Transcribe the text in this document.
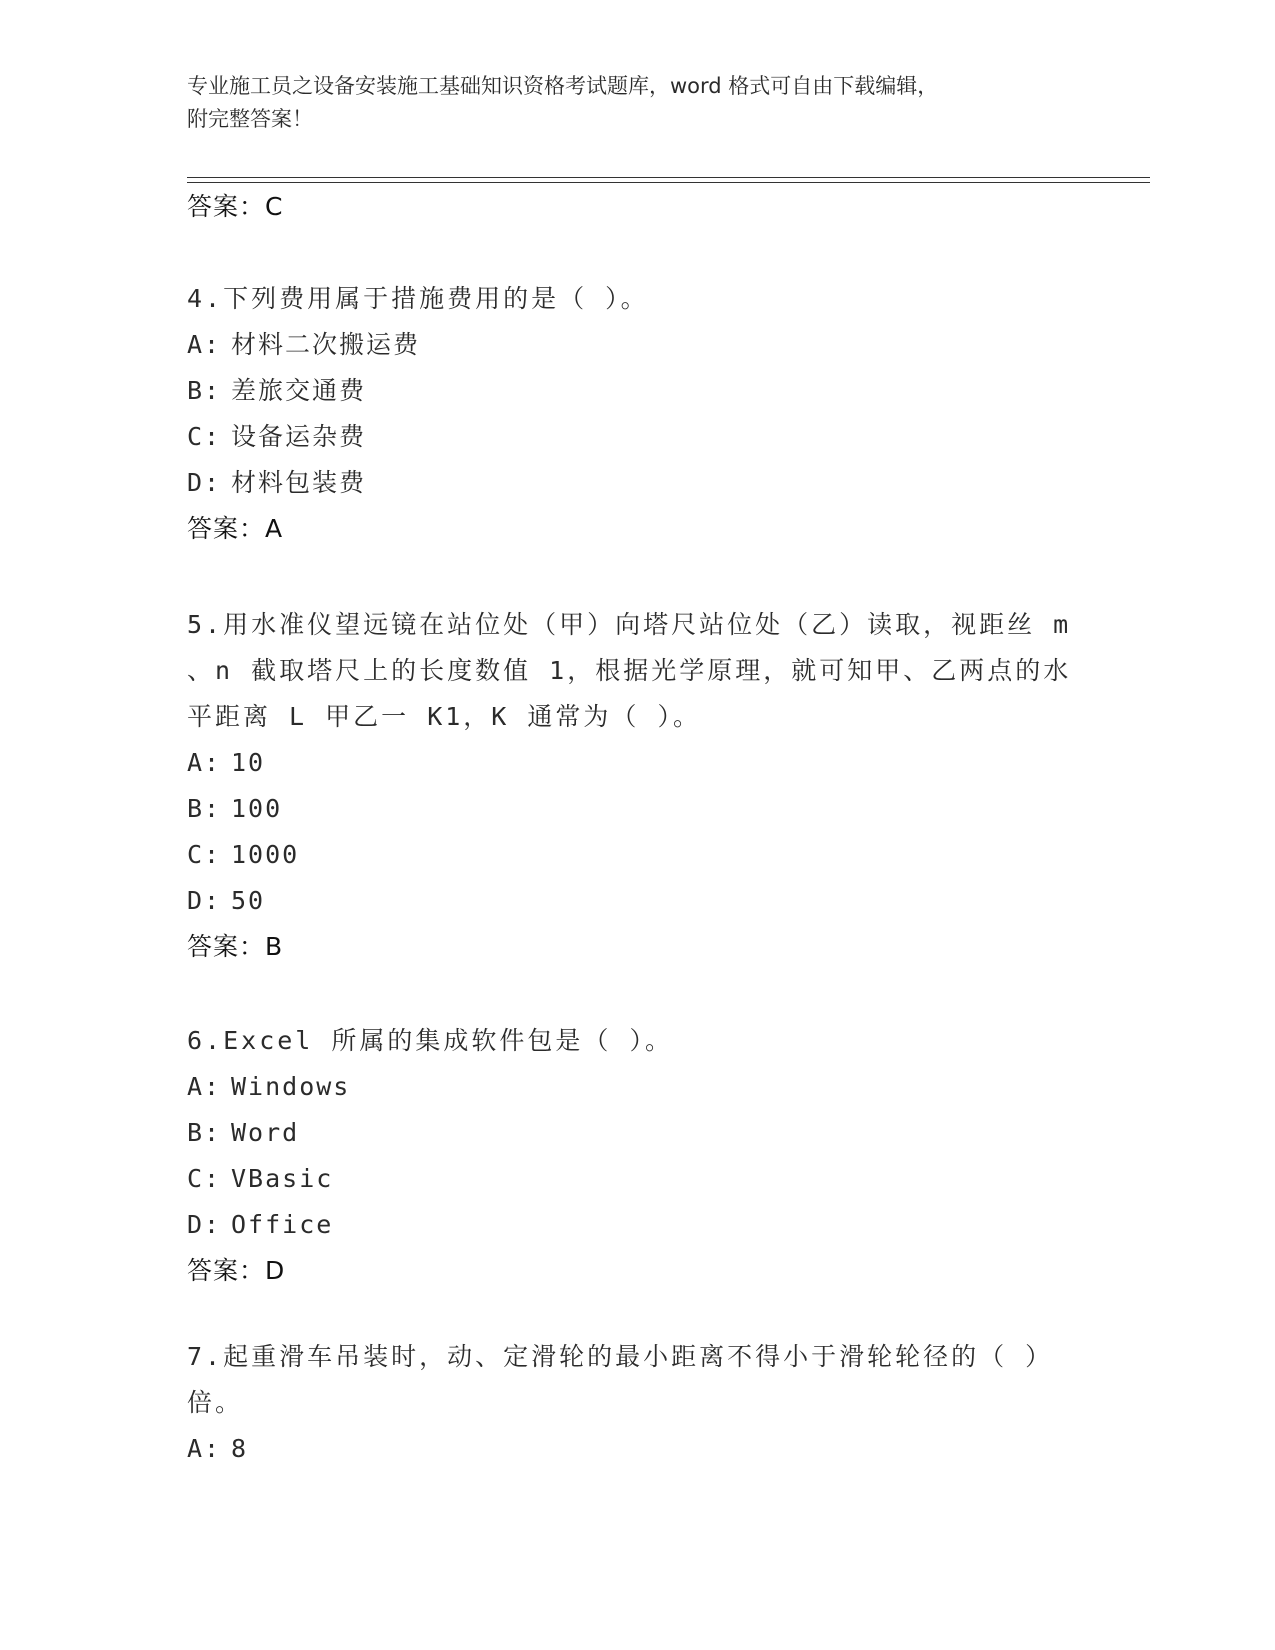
专业施工员之设备安装施工基础知识资格考试题库，word 格式可自由下载编辑，
附完整答案！
答案：C
4.下列费用属于措施费用的是（ ）。
A: 材料二次搬运费
B: 差旅交通费
C: 设备运杂费
D: 材料包装费
答案：A
5.用水准仪望远镜在站位处（甲）向塔尺站位处（乙）读取，视距丝 m
、n 截取塔尺上的长度数值 1，根据光学原理，就可知甲、乙两点的水
平距离 L 甲乙一 K1，K 通常为（ ）。
A: 10
B: 100
C: 1000
D: 50
答案：B
6.Excel 所属的集成软件包是（ ）。
A: Windows
B: Word
C: VBasic
D: Office
答案：D
7.起重滑车吊装时，动、定滑轮的最小距离不得小于滑轮轮径的（ ）
倍。
A: 8
